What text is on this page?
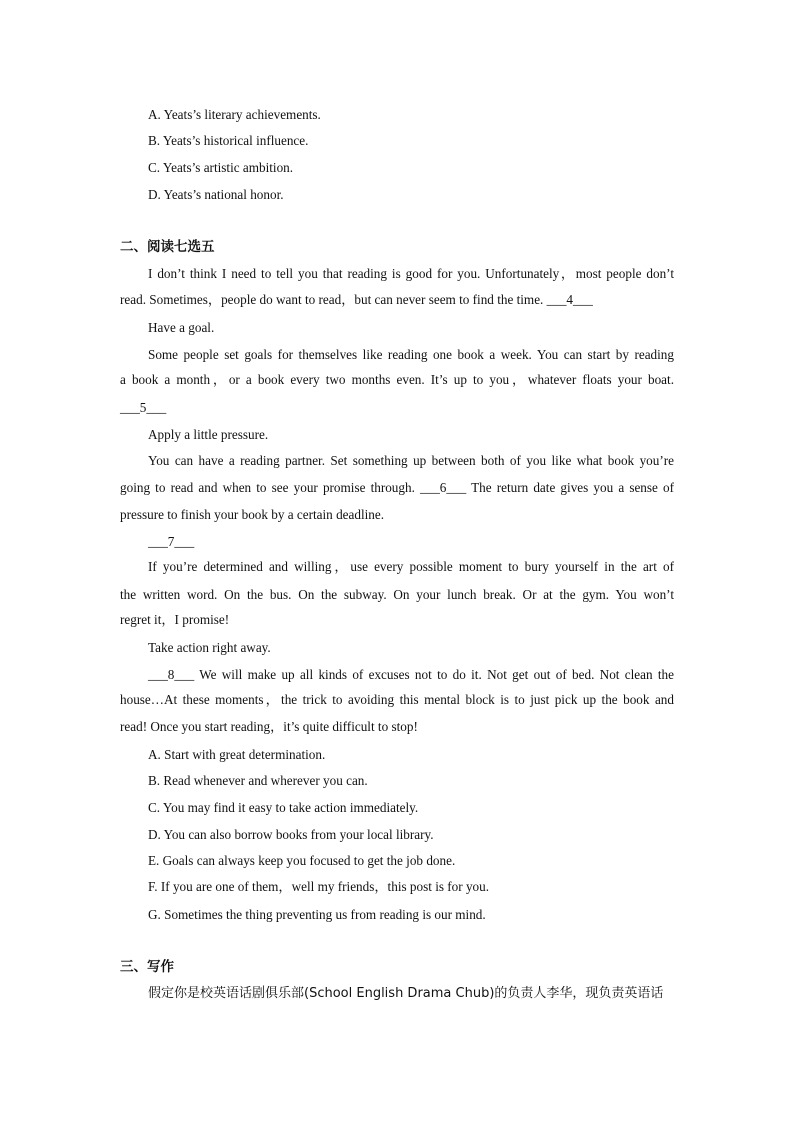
A. Yeats’s literary achievements.
B. Yeats’s historical influence.
C. Yeats’s artistic ambition.
D. Yeats’s national honor.
二、阅读七选五
I don’t think I need to tell you that reading is good for you. Unfortunately，most people don’t
read. Sometimes，people do want to read，but can never seem to find the time. ___4___
Have a goal.
Some people set goals for themselves like reading one book a week. You can start by reading
a book a month，or a book every two months even. It’s up to you，whatever floats your boat.
___5___
Apply a little pressure.
You can have a reading partner. Set something up between both of you like what book you’re
going to read and when to see your promise through. ___6___ The return date gives you a sense of
pressure to finish your book by a certain deadline.
___7___
If you’re determined and willing，use every possible moment to bury yourself in the art of
the written word. On the bus. On the subway. On your lunch break. Or at the gym. You won’t
regret it，I promise!
Take action right away.
___8___ We will make up all kinds of excuses not to do it. Not get out of bed. Not clean the
house…At these moments，the trick to avoiding this mental block is to just pick up the book and
read! Once you start reading，it’s quite difficult to stop!
A. Start with great determination.
B. Read whenever and wherever you can.
C. You may find it easy to take action immediately.
D. You can also borrow books from your local library.
E. Goals can always keep you focused to get the job done.
F. If you are one of them，well my friends，this post is for you.
G. Sometimes the thing preventing us from reading is our mind.
三、写作
假定你是校英语话剧俱乐部(School English Drama Chub)的负责人李华，现负责英语话
